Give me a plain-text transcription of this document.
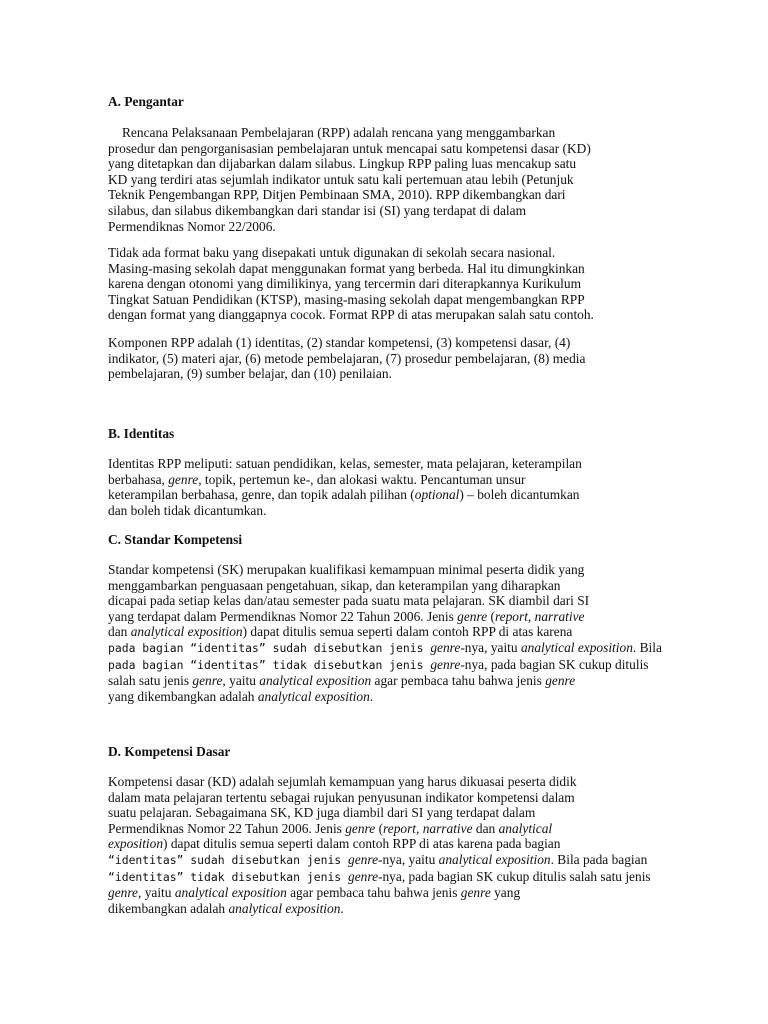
A. Pengantar
Rencana Pelaksanaan Pembelajaran (RPP) adalah rencana yang menggambarkan
prosedur dan pengorganisasian pembelajaran untuk mencapai satu kompetensi dasar (KD)
yang ditetapkan dan dijabarkan dalam silabus. Lingkup RPP paling luas mencakup satu
KD yang terdiri atas sejumlah indikator untuk satu kali pertemuan atau lebih (Petunjuk
Teknik Pengembangan RPP, Ditjen Pembinaan SMA, 2010). RPP dikembangkan dari
silabus, dan silabus dikembangkan dari standar isi (SI) yang terdapat di dalam
Permendiknas Nomor 22/2006.
Tidak ada format baku yang disepakati untuk digunakan di sekolah secara nasional.
Masing-masing sekolah dapat menggunakan format yang berbeda. Hal itu dimungkinkan
karena dengan otonomi yang dimilikinya, yang tercermin dari diterapkannya Kurikulum
Tingkat Satuan Pendidikan (KTSP), masing-masing sekolah dapat mengembangkan RPP
dengan format yang dianggapnya cocok. Format RPP di atas merupakan salah satu contoh.
Komponen RPP adalah (1) identitas, (2) standar kompetensi, (3) kompetensi dasar, (4)
indikator, (5) materi ajar, (6) metode pembelajaran, (7) prosedur pembelajaran, (8) media
pembelajaran, (9) sumber belajar, dan (10) penilaian.
B. Identitas
Identitas RPP meliputi: satuan pendidikan, kelas, semester, mata pelajaran, keterampilan
berbahasa, genre, topik, pertemun ke-, dan alokasi waktu. Pencantuman unsur
keterampilan berbahasa, genre, dan topik adalah pilihan (optional) – boleh dicantumkan
dan boleh tidak dicantumkan.
C. Standar Kompetensi
Standar kompetensi (SK) merupakan kualifikasi kemampuan minimal peserta didik yang
menggambarkan penguasaan pengetahuan, sikap, dan keterampilan yang diharapkan
dicapai pada setiap kelas dan/atau semester pada suatu mata pelajaran. SK diambil dari SI
yang terdapat dalam Permendiknas Nomor 22 Tahun 2006. Jenis genre (report, narrative
dan analytical exposition) dapat ditulis semua seperti dalam contoh RPP di atas karena
pada bagian “identitas” sudah disebutkan jenis genre-nya, yaitu analytical exposition. Bila
pada bagian “identitas” tidak disebutkan jenis genre-nya, pada bagian SK cukup ditulis
salah satu jenis genre, yaitu analytical exposition agar pembaca tahu bahwa jenis genre
yang dikembangkan adalah analytical exposition.
D. Kompetensi Dasar
Kompetensi dasar (KD) adalah sejumlah kemampuan yang harus dikuasai peserta didik
dalam mata pelajaran tertentu sebagai rujukan penyusunan indikator kompetensi dalam
suatu pelajaran. Sebagaimana SK, KD juga diambil dari SI yang terdapat dalam
Permendiknas Nomor 22 Tahun 2006. Jenis genre (report, narrative dan analytical
exposition) dapat ditulis semua seperti dalam contoh RPP di atas karena pada bagian
“identitas” sudah disebutkan jenis genre-nya, yaitu analytical exposition. Bila pada bagian
“identitas” tidak disebutkan jenis genre-nya, pada bagian SK cukup ditulis salah satu jenis
genre, yaitu analytical exposition agar pembaca tahu bahwa jenis genre yang
dikembangkan adalah analytical exposition.
